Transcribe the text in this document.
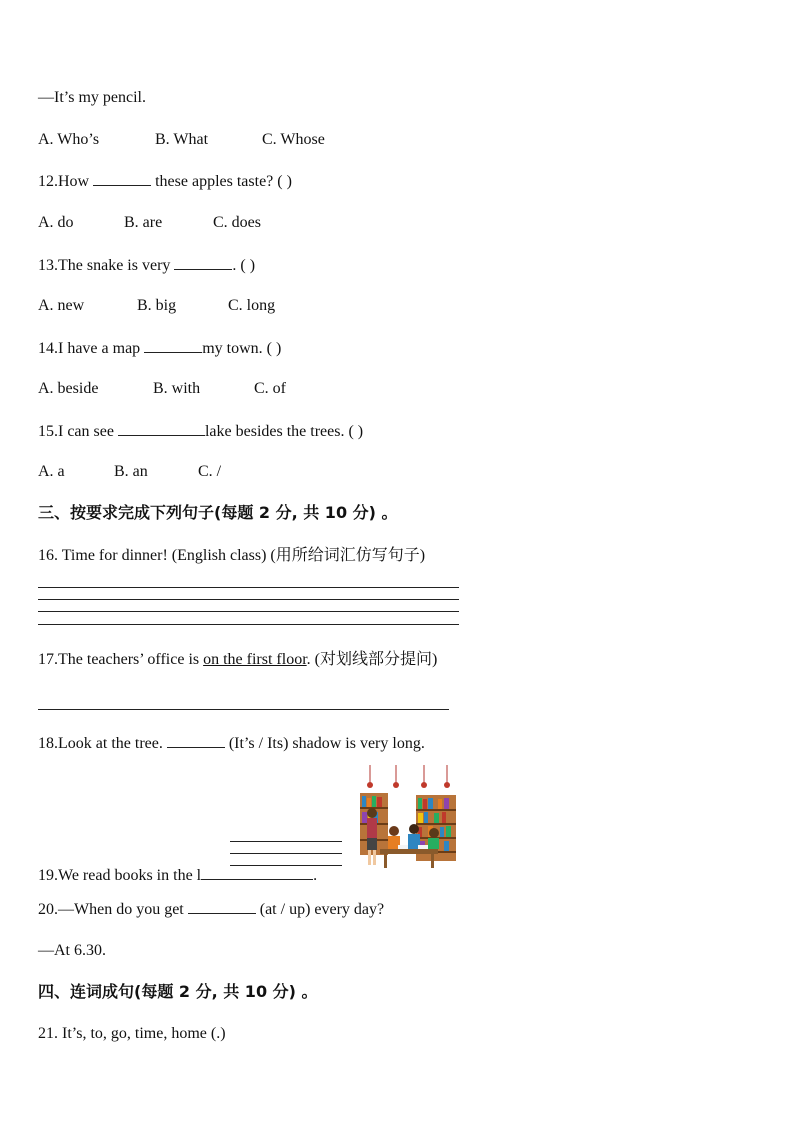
—It’s my pencil.
A. Who’s	B. What	C. Whose
12.How	these apples taste? ( )
A. do	B. are	C. does
13.The snake is very	. ( )
A. new	B. big	C. long
14.I have a map	my town. ( )
A. beside	B. with	C. of
15.I can see	lake besides the trees. ( )
A. a	B. an	C. /
三、按要求完成下列句子(每题 2 分, 共 10 分) 。
16. Time for dinner! (English class) (用所给词汇仿写句子)
17.The teachers’ office is on the first floor. (对划线部分提问)
18.Look at the tree.	(It’s / Its) shadow is very long.
19.We read books in the l	.
20.—When do you get	(at / up) every day?
—At 6.30.
四、连词成句(每题 2 分, 共 10 分) 。
21. It’s, to, go, time, home (.)
